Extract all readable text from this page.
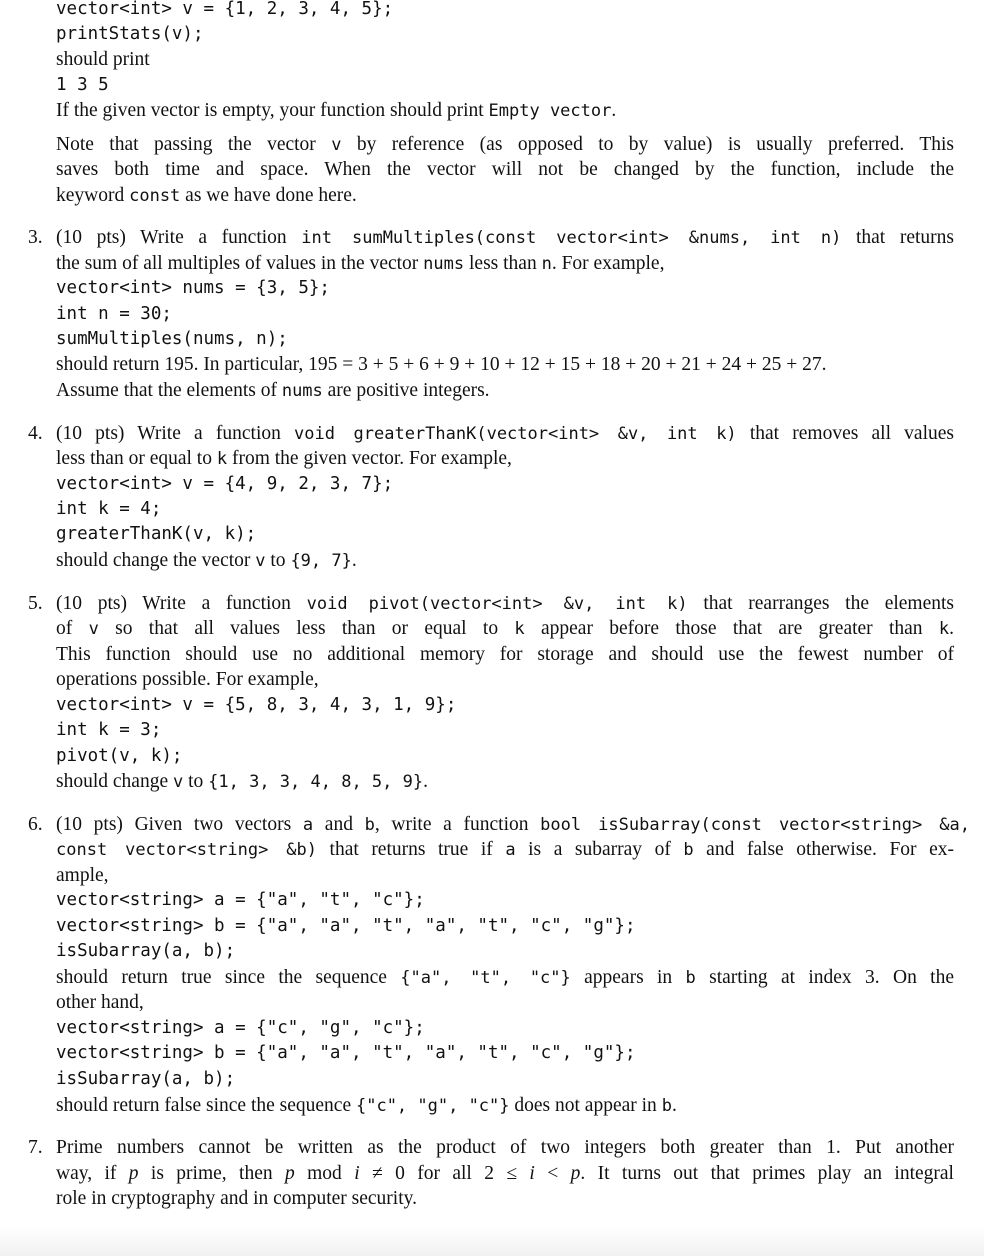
vector<int> v = {1, 2, 3, 4, 5};
printStats(v);
should print
1 3 5
If the given vector is empty, your function should print Empty vector.
Note that passing the vector v by reference (as opposed to by value) is usually preferred. This
saves both time and space. When the vector will not be changed by the function, include the
keyword const as we have done here.
3. (10 pts) Write a function int sumMultiples(const vector<int> &nums, int n) that returns
the sum of all multiples of values in the vector nums less than n. For example,
vector<int> nums = {3, 5};
int n = 30;
sumMultiples(nums, n);
should return 195. In particular, 195 = 3 + 5 + 6 + 9 + 10 + 12 + 15 + 18 + 20 + 21 + 24 + 25 + 27.
Assume that the elements of nums are positive integers.
4. (10 pts) Write a function void greaterThanK(vector<int> &v, int k) that removes all values
less than or equal to k from the given vector. For example,
vector<int> v = {4, 9, 2, 3, 7};
int k = 4;
greaterThanK(v, k);
should change the vector v to {9, 7}.
5. (10 pts) Write a function void pivot(vector<int> &v, int k) that rearranges the elements
of v so that all values less than or equal to k appear before those that are greater than k.
This function should use no additional memory for storage and should use the fewest number of
operations possible. For example,
vector<int> v = {5, 8, 3, 4, 3, 1, 9};
int k = 3;
pivot(v, k);
should change v to {1, 3, 3, 4, 8, 5, 9}.
6. (10 pts) Given two vectors a and b, write a function bool isSubarray(const vector<string> &a,
const vector<string> &b) that returns true if a is a subarray of b and false otherwise. For ex-
ample,
vector<string> a = {"a", "t", "c"};
vector<string> b = {"a", "a", "t", "a", "t", "c", "g"};
isSubarray(a, b);
should return true since the sequence {"a", "t", "c"} appears in b starting at index 3. On the
other hand,
vector<string> a = {"c", "g", "c"};
vector<string> b = {"a", "a", "t", "a", "t", "c", "g"};
isSubarray(a, b);
should return false since the sequence {"c", "g", "c"} does not appear in b.
7. Prime numbers cannot be written as the product of two integers both greater than 1. Put another
way, if p is prime, then p mod i ≠ 0 for all 2 ≤ i < p. It turns out that primes play an integral
role in cryptography and in computer security.
